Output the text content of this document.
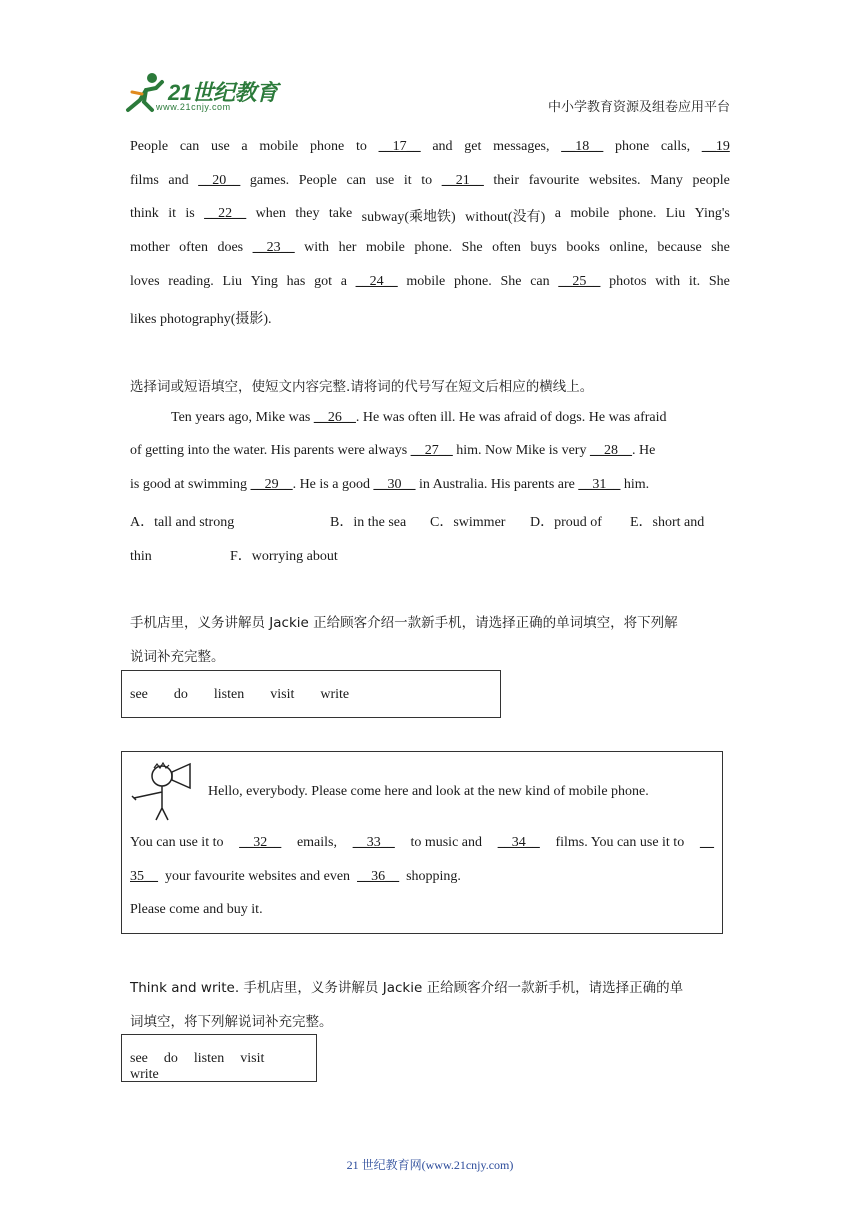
21世纪教育
www.21cnjy.com	中小学教育资源及组卷应用平台
People can use a mobile phone to __17__ and get messages, __18__ phone calls, __19
films and __20__ games. People can use it to __21__ their favourite websites. Many people
think it is __22__ when they take subway(乘地铁) without(没有) a mobile phone. Liu Ying's
mother often does __23__ with her mobile phone. She often buys books online, because she
loves reading. Liu Ying has got a __24__ mobile phone. She can __25__ photos with it. She
likes photography(摄影).
选择词或短语填空，使短文内容完整.请将词的代号写在短文后相应的横线上。
Ten years ago, Mike was __26__. He was often ill. He was afraid of dogs. He was afraid
of getting into the water. His parents were always __27__ him. Now Mike is very __28__. He
is good at swimming __29__. He is a good __30__ in Australia. His parents are __31__ him.
A．tall and strong	B．in the sea C．swimmer D．proud of E．short and
thin	F．worrying about
手机店里，义务讲解员 Jackie 正给顾客介绍一款新手机，请选择正确的单词填空，将下列解
说词补充完整。
see do listen visit write
Hello, everybody. Please come here and look at the new kind of mobile phone.
You can use it to __32__ emails, __33__ to music and __34__ films. You can use it to __
35__ your favourite websites and even __36__ shopping.
Please come and buy it.
Think and write. 手机店里，义务讲解员 Jackie 正给顾客介绍一款新手机，请选择正确的单
词填空，将下列解说词补充完整。
see do listen visitwrite
21 世纪教育网(www.21cnjy.com)
